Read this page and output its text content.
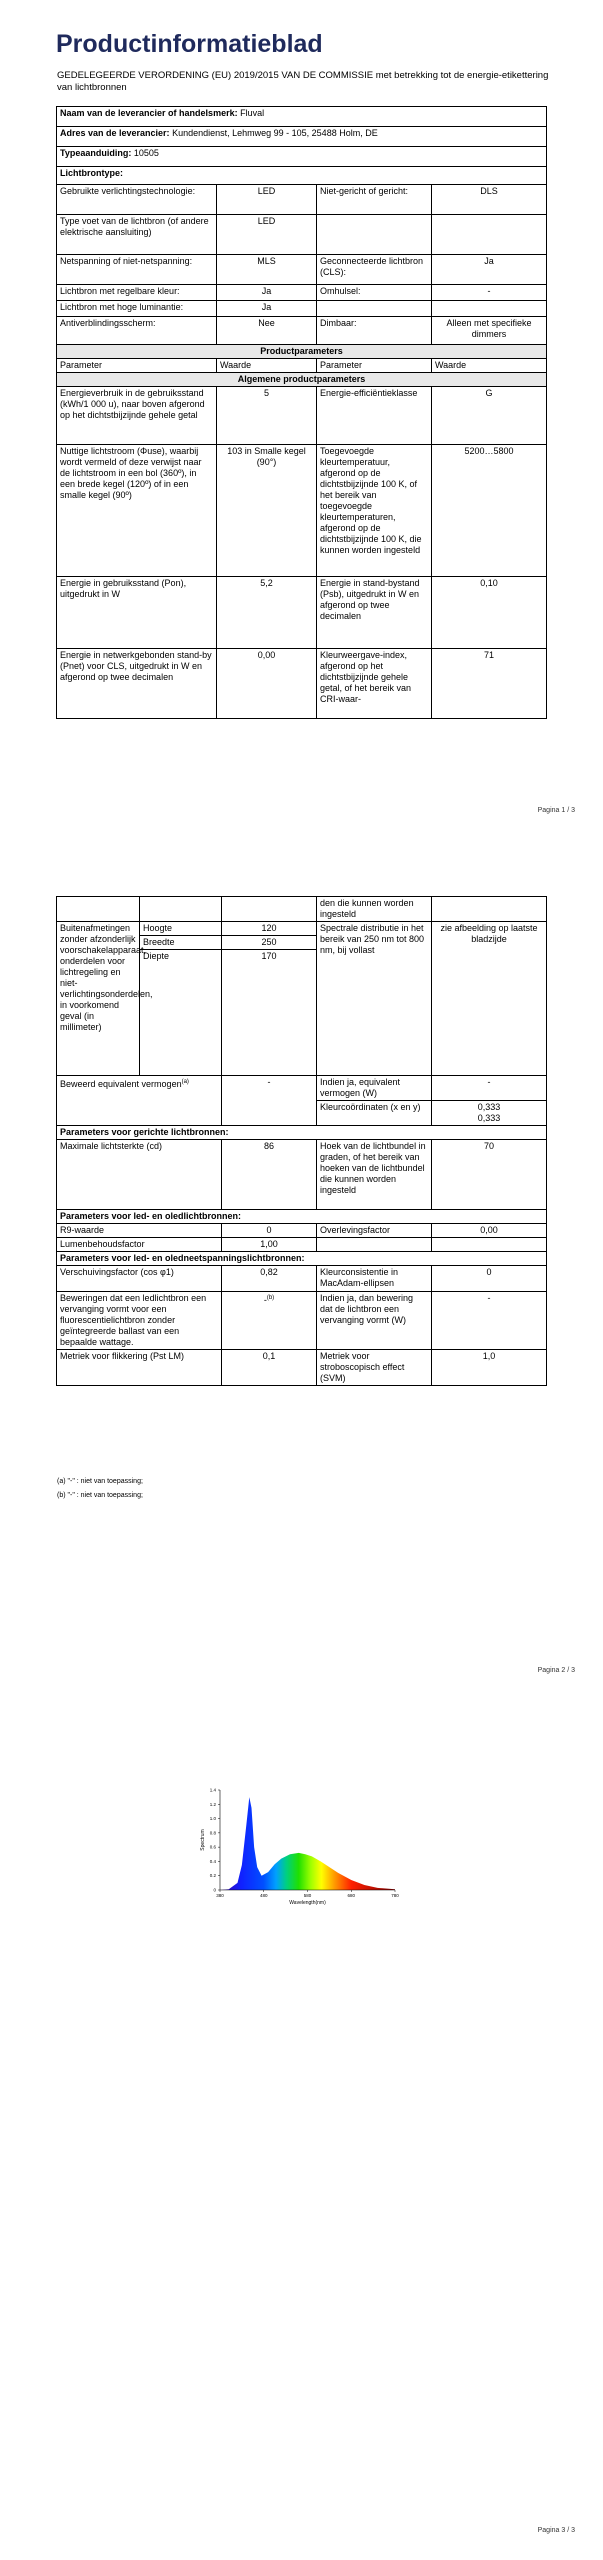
Productinformatieblad
GEDELEGEERDE VERORDENING (EU) 2019/2015 VAN DE COMMISSIE met betrekking tot de energie-etikettering van lichtbronnen
Naam van de leverancier of handelsmerk: Fluval			
Adres van de leverancier: Kundendienst, Lehmweg 99 - 105, 25488 Holm, DE			
Typeaanduiding: 10505			
Lichtbrontype:			
Gebruikte verlichtingstechnologie:	LED	Niet-gericht of gericht:	DLS
Type voet van de lichtbron (of andere elektrische aansluiting)	LED		
Netspanning of niet-netspanning:	MLS	Geconnecteerde lichtbron (CLS):	Ja
Lichtbron met regelbare kleur:	Ja	Omhulsel:	-
Lichtbron met hoge luminantie:	Ja		
Antiverblindingsscherm:	Nee	Dimbaar:	Alleen met specifieke dimmers
Productparameters			
Parameter	Waarde	Parameter	Waarde
Algemene productparameters			
Energieverbruik in de gebruiksstand (kWh/1 000 u), naar boven afgerond op het dichtstbijzijnde gehele getal	5	Energie-efficiëntieklasse	G
Nuttige lichtstroom (Φuse), waarbij wordt vermeld of deze verwijst naar de lichtstroom in een bol (360º), in een brede kegel (120º) of in een smalle kegel (90º)	103 in Smalle kegel (90°)	Toegevoegde kleurtemperatuur, afgerond op de dichtstbijzijnde 100 K, of het bereik van toegevoegde kleurtemperaturen, afgerond op de dichtstbijzijnde 100 K, die kunnen worden ingesteld	5200…5800
Energie in gebruiksstand (Pon), uitgedrukt in W	5,2	Energie in stand-bystand (Psb), uitgedrukt in W en afgerond op twee decimalen	0,10
Energie in netwerkgebonden stand-by (Pnet) voor CLS, uitgedrukt in W en afgerond op twee decimalen	0,00	Kleurweergave-index, afgerond op het dichtstbijzijnde gehele getal, of het bereik van CRI-waar-	71
Pagina 1 / 3
			den die kunnen worden ingesteld	
Buitenafmetingen zonder afzonderlijk voorschakelapparaat, onderdelen voor lichtregeling en niet-verlichtingsonderdelen, in voorkomend geval (in millimeter)	Hoogte	120	Spectrale distributie in het bereik van 250 nm tot 800 nm, bij vollast	zie afbeelding op laatste bladzijde
	Breedte	250		
	Diepte	170		
Beweerd equivalent vermogen$^{(a)}$		-	Indien ja, equivalent vermogen (W)	-
			Kleurcoördinaten (x en y)	0,333
0,333

Parameters voor gerichte lichtbronnen:				
Maximale lichtsterkte (cd)		86	Hoek van de lichtbundel in graden, of het bereik van hoeken van de lichtbundel die kunnen worden ingesteld	70
Parameters voor led- en oledlichtbronnen:				
R9-waarde		0	Overlevingsfactor	0,00
Lumenbehoudsfactor		1,00		
Parameters voor led- en oledneetspanningslichtbronnen:				
Verschuivingsfactor (cos φ1)		0,82	Kleurconsistentie in MacAdam-ellipsen	0
Beweringen dat een ledlichtbron een vervanging vormt voor een fluorescentielichtbron zonder geïntegreerde ballast van een bepaalde wattage.		-$^{(b)}$	Indien ja, dan bewering dat de lichtbron een vervanging vormt (W)	-
Metriek voor flikkering (Pst LM)		0,1	Metriek voor stroboscopisch effect (SVM)	1,0
(a) "-" : niet van toepassing;
(b) "-" : niet van toepassing;
Pagina 2 / 3
1.4
1.2
1.0
0.8
0.6
0.4
0.2
0
380	480	580	680	780
Spectrum
Wavelength(nm)
Pagina 3 / 3
